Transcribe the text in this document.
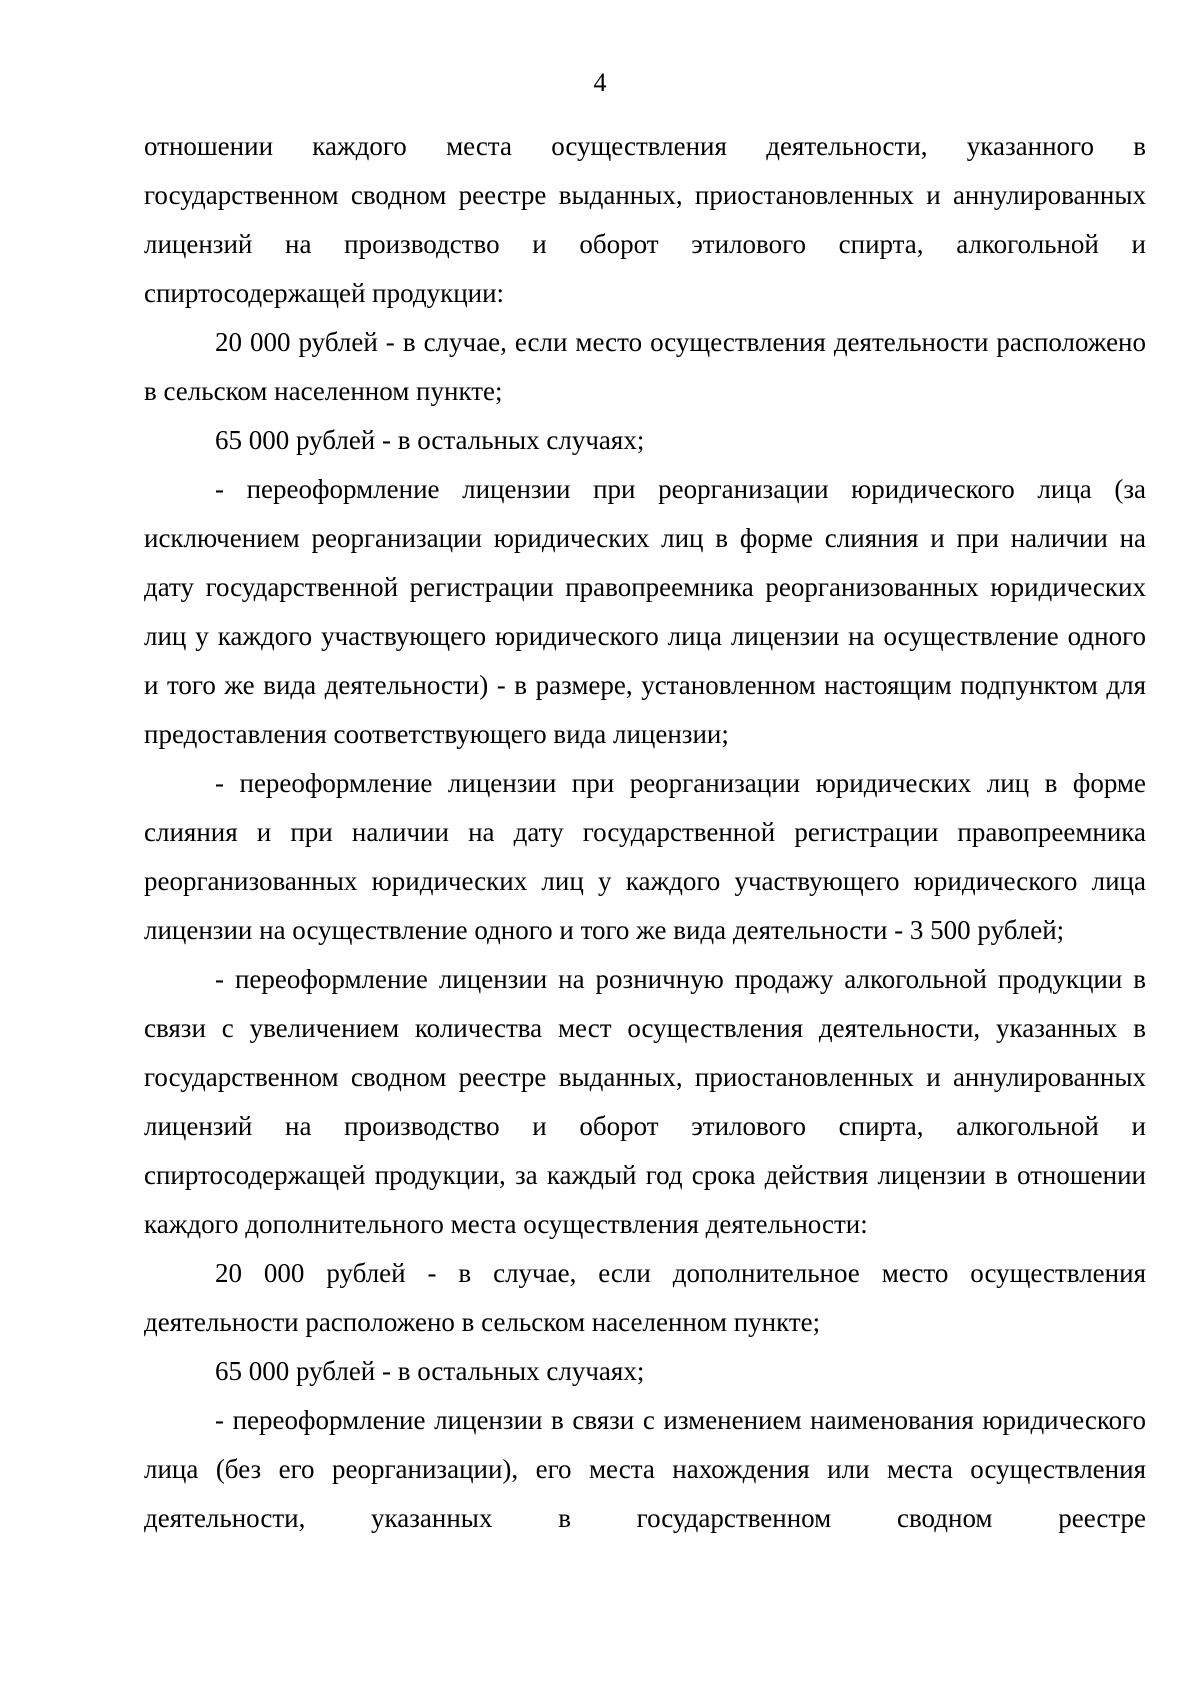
4

отношении каждого места осуществления деятельности, указанного в государственном сводном реестре выданных, приостановленных и аннулированных лицензий на производство и оборот этилового спирта, алкогольной и спиртосодержащей продукции:

20 000 рублей - в случае, если место осуществления деятельности расположено в сельском населенном пункте;

65 000 рублей - в остальных случаях;

- переоформление лицензии при реорганизации юридического лица (за исключением реорганизации юридических лиц в форме слияния и при наличии на дату государственной регистрации правопреемника реорганизованных юридических лиц у каждого участвующего юридического лица лицензии на осуществление одного и того же вида деятельности) - в размере, установленном настоящим подпунктом для предоставления соответствующего вида лицензии;

- переоформление лицензии при реорганизации юридических лиц в форме слияния и при наличии на дату государственной регистрации правопреемника реорганизованных юридических лиц у каждого участвующего юридического лица лицензии на осуществление одного и того же вида деятельности - 3 500 рублей;

- переоформление лицензии на розничную продажу алкогольной продукции в связи с увеличением количества мест осуществления деятельности, указанных в государственном сводном реестре выданных, приостановленных и аннулированных лицензий на производство и оборот этилового спирта, алкогольной и спиртосодержащей продукции, за каждый год срока действия лицензии в отношении каждого дополнительного места осуществления деятельности:

20 000 рублей - в случае, если дополнительное место осуществления деятельности расположено в сельском населенном пункте;

65 000 рублей - в остальных случаях;

- переоформление лицензии в связи с изменением наименования юридического лица (без его реорганизации), его места нахождения или места осуществления деятельности, указанных в государственном сводном реестре
